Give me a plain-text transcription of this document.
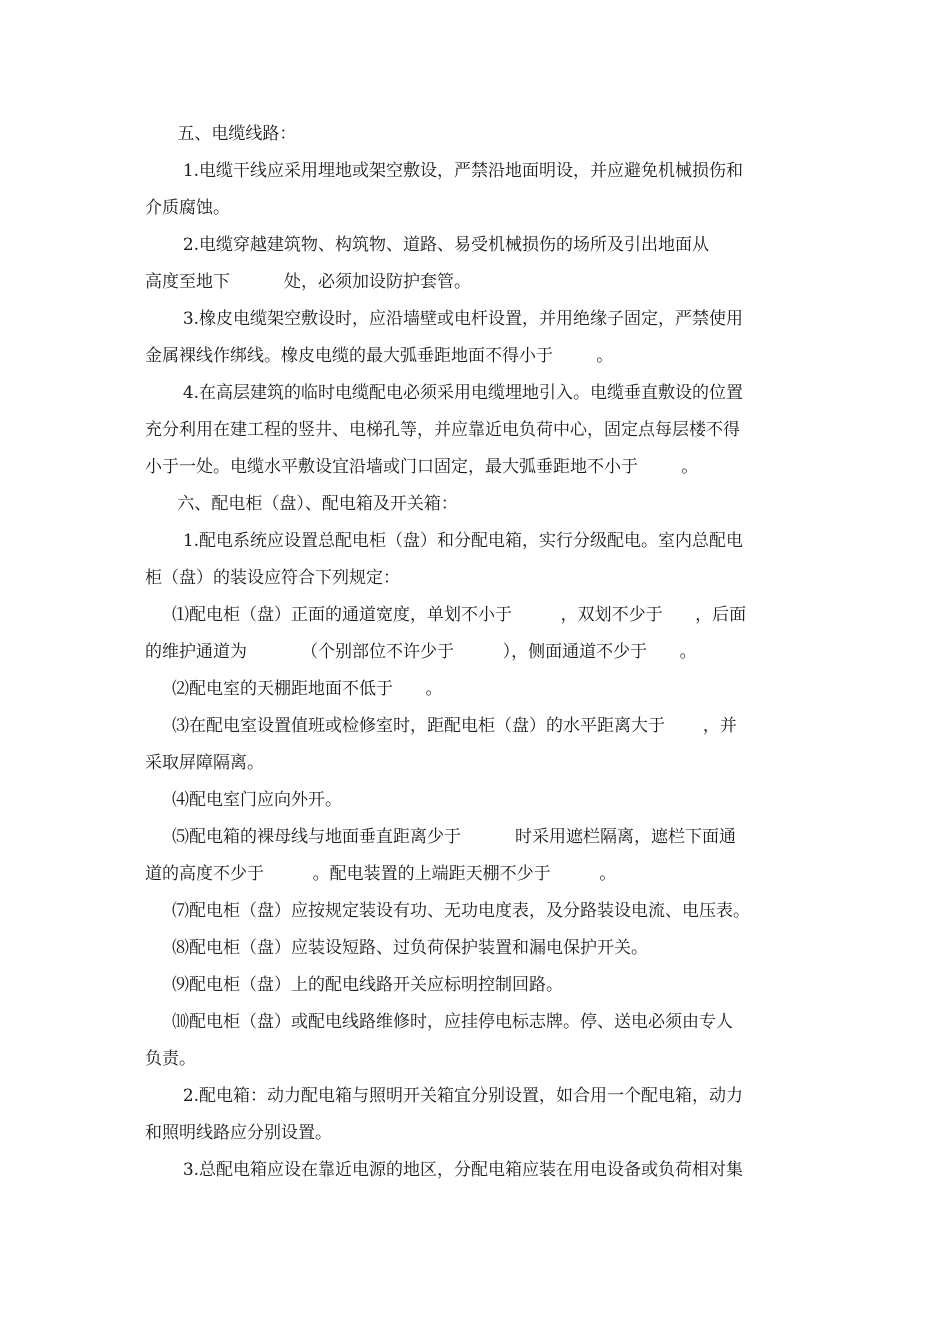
五、电缆线路：
1.电缆干线应采用埋地或架空敷设，严禁沿地面明设，并应避免机械损伤和
介质腐蚀。
2.电缆穿越建筑物、构筑物、道路、易受机械损伤的场所及引出地面从
高度至地下          处，必须加设防护套管。
3.橡皮电缆架空敷设时，应沿墙壁或电杆设置，并用绝缘子固定，严禁使用
金属裸线作绑线。橡皮电缆的最大弧垂距地面不得小于        。
4.在高层建筑的临时电缆配电必须采用电缆埋地引入。电缆垂直敷设的位置
充分利用在建工程的竖井、电梯孔等，并应靠近电负荷中心，固定点每层楼不得
小于一处。电缆水平敷设宜沿墙或门口固定，最大弧垂距地不小于        。
六、配电柜（盘）、配电箱及开关箱：
1.配电系统应设置总配电柜（盘）和分配电箱，实行分级配电。室内总配电
柜（盘）的装设应符合下列规定：
⑴配电柜（盘）正面的通道宽度，单划不小于         ，双划不少于      ，后面
的维护通道为          （个别部位不许少于         ），侧面通道不少于      。
⑵配电室的天棚距地面不低于      。
⑶在配电室设置值班或检修室时，距配电柜（盘）的水平距离大于       ，并
采取屏障隔离。
⑷配电室门应向外开。
⑸配电箱的裸母线与地面垂直距离少于          时采用遮栏隔离，遮栏下面通
道的高度不少于         。配电装置的上端距天棚不少于         。
⑺配电柜（盘）应按规定装设有功、无功电度表，及分路装设电流、电压表。
⑻配电柜（盘）应装设短路、过负荷保护装置和漏电保护开关。
⑼配电柜（盘）上的配电线路开关应标明控制回路。
⑽配电柜（盘）或配电线路维修时，应挂停电标志牌。停、送电必须由专人
负责。
2.配电箱：动力配电箱与照明开关箱宜分别设置，如合用一个配电箱，动力
和照明线路应分别设置。
3.总配电箱应设在靠近电源的地区，分配电箱应装在用电设备或负荷相对集
